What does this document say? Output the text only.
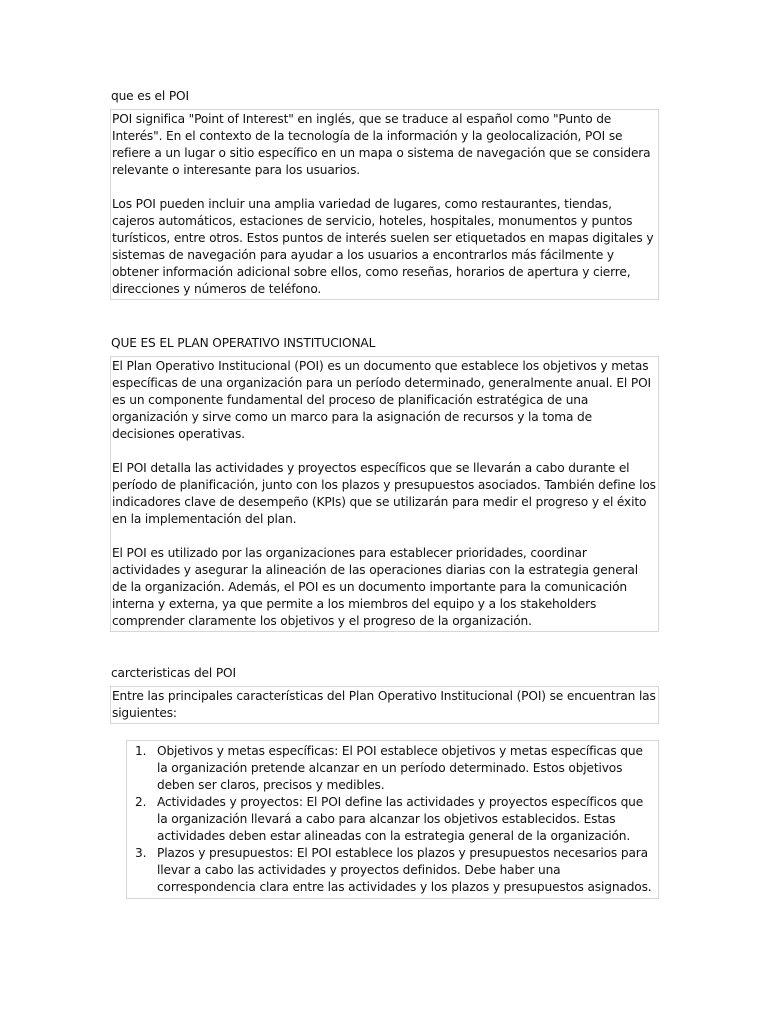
que es el POI

POI significa "Point of Interest" en inglés, que se traduce al español como "Punto de Interés". En el contexto de la tecnología de la información y la geolocalización, POI se refiere a un lugar o sitio específico en un mapa o sistema de navegación que se considera relevante o interesante para los usuarios.

Los POI pueden incluir una amplia variedad de lugares, como restaurantes, tiendas, cajeros automáticos, estaciones de servicio, hoteles, hospitales, monumentos y puntos turísticos, entre otros. Estos puntos de interés suelen ser etiquetados en mapas digitales y sistemas de navegación para ayudar a los usuarios a encontrarlos más fácilmente y obtener información adicional sobre ellos, como reseñas, horarios de apertura y cierre, direcciones y números de teléfono.

QUE ES EL PLAN OPERATIVO INSTITUCIONAL

El Plan Operativo Institucional (POI) es un documento que establece los objetivos y metas específicas de una organización para un período determinado, generalmente anual. El POI es un componente fundamental del proceso de planificación estratégica de una organización y sirve como un marco para la asignación de recursos y la toma de decisiones operativas.

El POI detalla las actividades y proyectos específicos que se llevarán a cabo durante el período de planificación, junto con los plazos y presupuestos asociados. También define los indicadores clave de desempeño (KPIs) que se utilizarán para medir el progreso y el éxito en la implementación del plan.

El POI es utilizado por las organizaciones para establecer prioridades, coordinar actividades y asegurar la alineación de las operaciones diarias con la estrategia general de la organización. Además, el POI es un documento importante para la comunicación interna y externa, ya que permite a los miembros del equipo y a los stakeholders comprender claramente los objetivos y el progreso de la organización.

carcteristicas del POI

Entre las principales características del Plan Operativo Institucional (POI) se encuentran las siguientes:

1. Objetivos y metas específicas: El POI establece objetivos y metas específicas que la organización pretende alcanzar en un período determinado. Estos objetivos deben ser claros, precisos y medibles.
2. Actividades y proyectos: El POI define las actividades y proyectos específicos que la organización llevará a cabo para alcanzar los objetivos establecidos. Estas actividades deben estar alineadas con la estrategia general de la organización.
3. Plazos y presupuestos: El POI establece los plazos y presupuestos necesarios para llevar a cabo las actividades y proyectos definidos. Debe haber una correspondencia clara entre las actividades y los plazos y presupuestos asignados.
